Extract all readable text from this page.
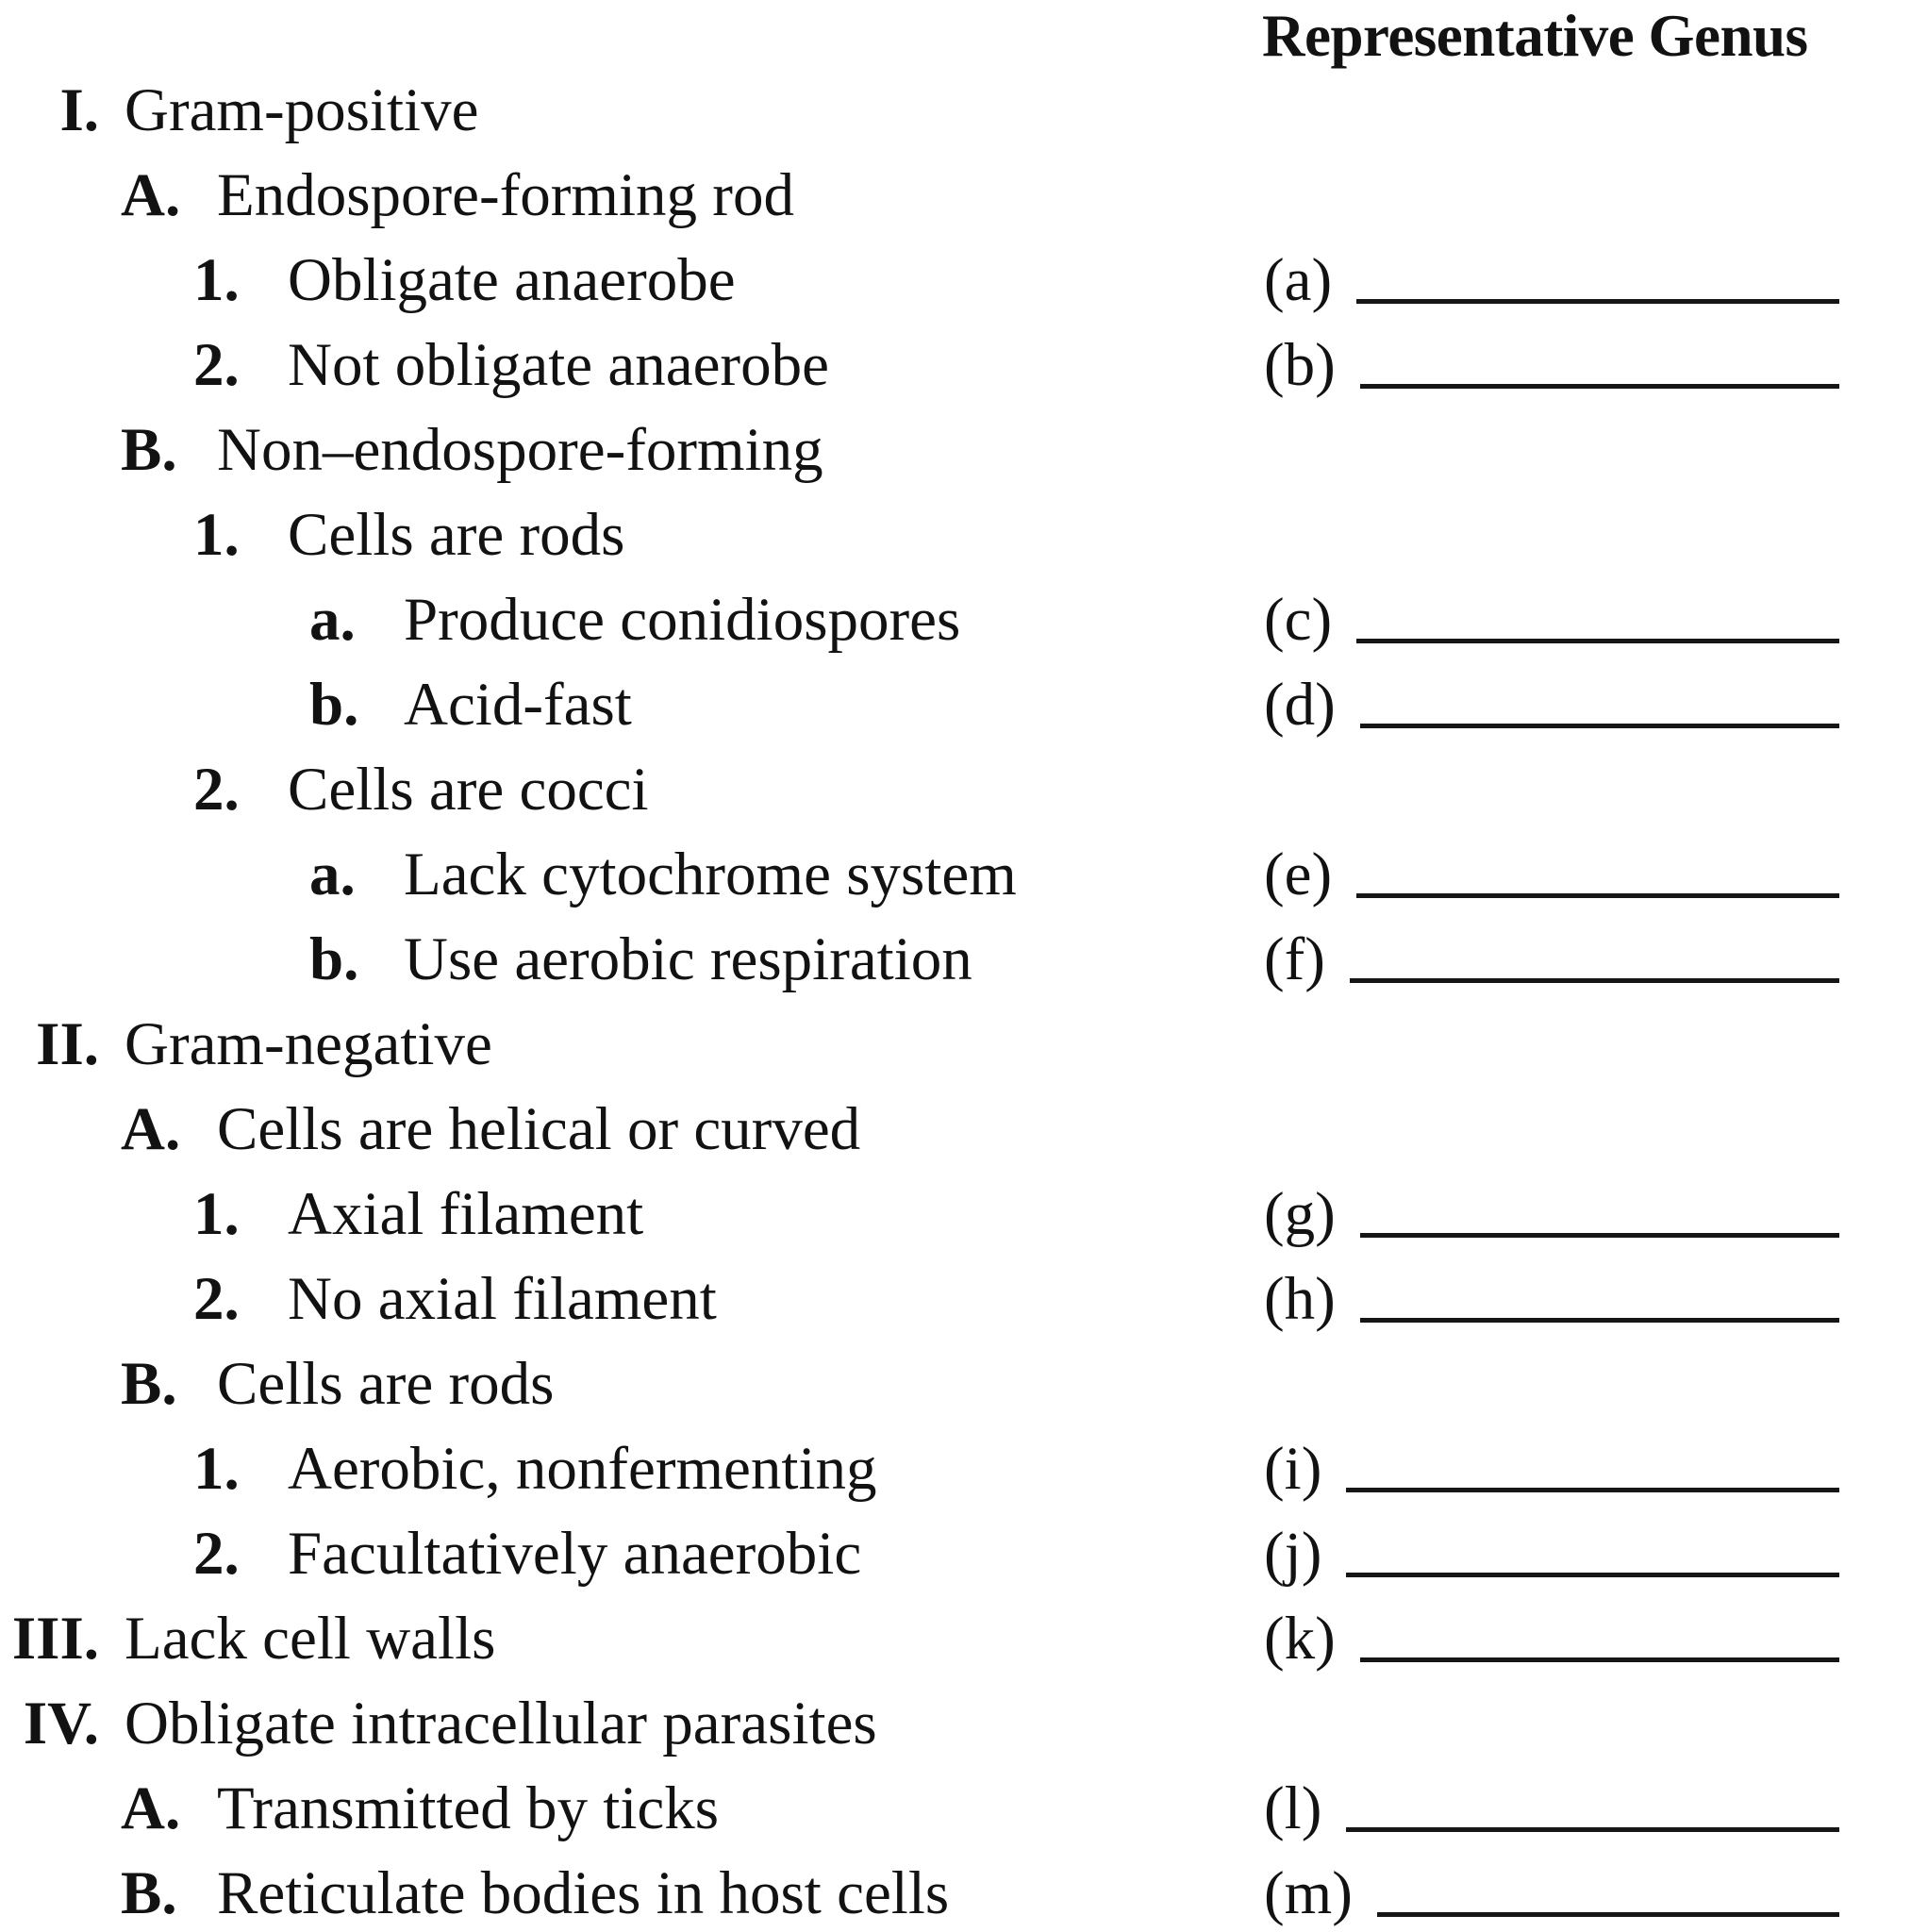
Representative Genus
I. Gram-positive
A. Endospore-forming rod
1. Obligate anaerobe	(a)
2. Not obligate anaerobe	(b)
B. Non–endospore-forming
1. Cells are rods
a. Produce conidiospores	(c)
b. Acid-fast	(d)
2. Cells are cocci
a. Lack cytochrome system	(e)
b. Use aerobic respiration	(f)
II. Gram-negative
A. Cells are helical or curved
1. Axial filament	(g)
2. No axial filament	(h)
B. Cells are rods
1. Aerobic, nonfermenting	(i)
2. Facultatively anaerobic	(j)
III. Lack cell walls	(k)
IV. Obligate intracellular parasites
A. Transmitted by ticks	(l)
B. Reticulate bodies in host cells	(m)
